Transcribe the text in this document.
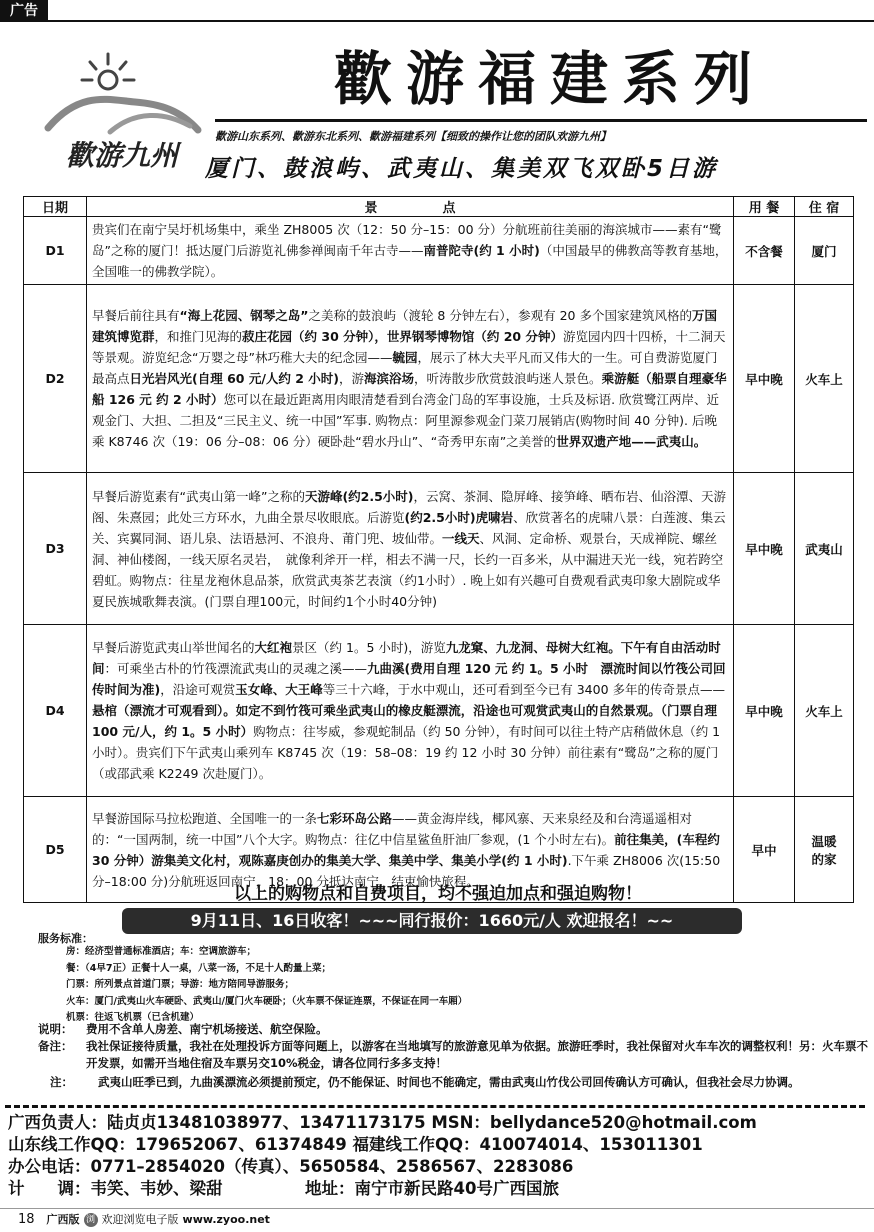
广告
歡游九州
歡游福建系列
歡游山东系列、歡游东北系列、歡游福建系列【细致的操作让您的团队欢游九州】
厦门、鼓浪屿、武夷山、集美双飞双卧5日游
日期	景　　　　　点	用 餐	住 宿
D1	贵宾们在南宁吴圩机场集中，乘坐 ZH8005 次（12：50 分–15：00 分）分航班前往美丽的海滨城市——素有“鹭岛”之称的厦门！抵达厦门后游览礼佛参禅闽南千年古寺——南普陀寺(约 1 小时)（中国最早的佛教高等教育基地，全国唯一的佛教学院）。	不含餐	厦门
D2	早餐后前往具有“海上花园、钢琴之岛”之美称的鼓浪屿（渡轮 8 分钟左右），参观有 20 多个国家建筑风格的万国建筑博览群，和推门见海的菽庄花园（约 30 分钟），世界钢琴博物馆（约 20 分钟）游览园内四十四桥，十二洞天等景观。游览纪念“万婴之母”林巧稚大夫的纪念园——毓园，展示了林大夫平凡而又伟大的一生。可自费游览厦门最高点日光岩风光(自理 60 元/人约 2 小时)，游海滨浴场，听涛散步欣赏鼓浪屿迷人景色。乘游艇（船票自理豪华船 126 元 约 2 小时）您可以在最近距离用肉眼清楚看到台湾金门岛的军事设施，士兵及标语. 欣赏鹭江两岸、近观金门、大担、二担及“三民主义、统一中国”军事. 购物点：阿里源参观金门菜刀展销店(购物时间 40 分钟). 后晚乘 K8746 次（19：06 分–08：06 分）硬卧赴“碧水丹山”、“奇秀甲东南”之美誉的世界双遗产地——武夷山。	早中晚	火车上
D3	早餐后游览素有“武夷山第一峰”之称的天游峰(约2.5小时)，云窝、茶洞、隐屏峰、接笋峰、晒布岩、仙浴潭、天游阁、朱熹园；此处三方环水，九曲全景尽收眼底。后游览(约2.5小时)虎啸岩、欣赏著名的虎啸八景：白莲渡、集云关、宾翼同洞、语儿泉、法语悬河、不浪舟、莆门兜、坡仙带。一线天、风洞、定命桥、观景台，天成禅院、螺丝洞、神仙楼阁，一线天原名灵岩，　就像利斧开一样，相去不满一尺，长约一百多米，从中漏进天光一线，宛若跨空碧虹。购物点：往星龙袍休息品茶，欣赏武夷茶艺表演（约1小时）. 晚上如有兴趣可自费观看武夷印象大剧院或华夏民族城歌舞表演。(门票自理100元，时间约1个小时40分钟)	早中晚	武夷山
D4	早餐后游览武夷山举世闻名的大红袍景区（约 1。5 小时)，游览九龙窠、九龙洞、母树大红袍。下午有自由活动时间：可乘坐古朴的竹筏漂流武夷山的灵魂之溪——九曲溪(费用自理 120 元 约 1。5 小时　漂流时间以竹筏公司回传时间为准)，沿途可观赏玉女峰、大王峰等三十六峰，于水中观山，还可看到至今已有 3400 多年的传奇景点——悬棺（漂流才可观看到）。如定不到竹筏可乘坐武夷山的橡皮艇漂流，沿途也可观赏武夷山的自然景观。（门票自理 100 元/人，约 1。5 小时）购物点：往岑威，参观蛇制品（约 50 分钟），有时间可以往土特产店稍做休息（约 1 小时）。贵宾们下午武夷山乘列车 K8745 次（19：58–08：19 约 12 小时 30 分钟）前往素有“鹭岛”之称的厦门（或邵武乘 K2249 次赴厦门）。	早中晚	火车上
D5	早餐游国际马拉松跑道、全国唯一的一条七彩环岛公路——黄金海岸线，椰风寨、天来泉经及和台湾遥遥相对的：“一国两制，统一中国”八个大字。购物点：往亿中信星鲨鱼肝油厂参观，(1 个小时左右)。前往集美，(车程约 30 分钟）游集美文化村，观陈嘉庚创办的集美大学、集美中学、集美小学(约 1 小时).下午乘 ZH8006 次(15:50 分–18:00 分)分航班返回南宁，18：00 分抵达南宁，结束愉快旅程。	早中	温暖
的家
以上的购物点和自费项目，均不强迫加点和强迫购物！
9月11日、16日收客！~~~同行报价：1660元/人 欢迎报名！~~
服务标准：
房：经济型普通标准酒店；车：空调旅游车；
餐：（4早7正）正餐十人一桌，八菜一汤，不足十人酌量上菜；
门票：所列景点首道门票；导游：地方陪同导游服务；
火车：厦门/武夷山火车硬卧、武夷山/厦门火车硬卧；（火车票不保证连票，不保证在同一车厢）
机票：往返飞机票（已含机建）
说明：	费用不含单人房差、南宁机场接送、航空保险。
备注：	我社保证接待质量，我社在处理投诉方面等问题上，以游客在当地填写的旅游意见单为依据。旅游旺季时，我社保留对火车车次的调整权利！另：火车票不开发票，如需开当地住宿及车票另交10%税金，请各位同行多多支持！
注：	武夷山旺季已到，九曲溪漂流必须提前预定，仍不能保证、时间也不能确定，需由武夷山竹伐公司回传确认方可确认，但我社会尽力协调。
广西负责人：陆贞贞13481038977、13471173175 MSN：bellydance520@hotmail.com
山东线工作QQ：179652067、61374849 福建线工作QQ：410074014、153011301
办公电话：0771–2854020（传真）、5650584、2586567、2283086
计　　调：韦笑、韦妙、梁甜　　　　　地址：南宁市新民路40号广西国旅
18 广西版 浏 欢迎浏览电子版 www.zyoo.net
